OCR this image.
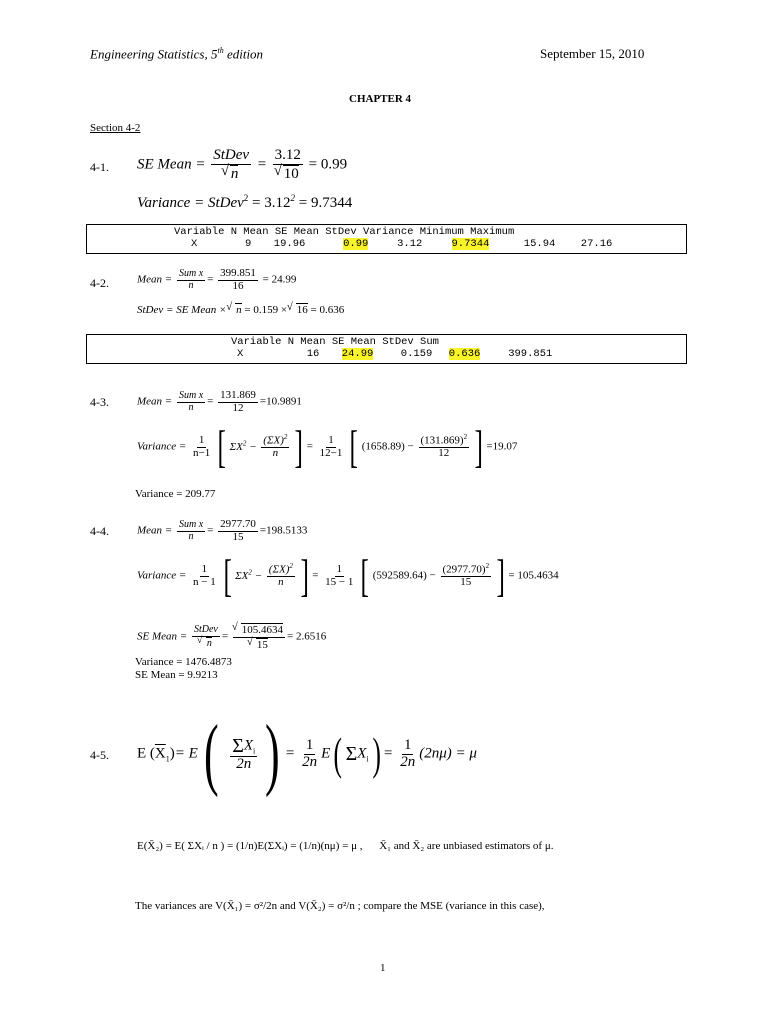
Engineering Statistics, 5th edition	September 15, 2010
CHAPTER 4
Section 4-2
4-1. SE Mean = StDev
√ n = 3.12
√ 10 = 0.99
Variance = StDev$^2$ = $3.12^2 = 9.7344$
Variable N Mean SE Mean StDev Variance Minimum Maximum
X	9 19.96	0.99	3.12	9.7344	15.94 27.16
4-2.	Mean = $\frac{\text{Sum x}}{n} = \frac{399.851}{16} = 24.99$
StDev = SE Mean × √ n = 0.159 × √ 16 = 0.636
Variable N Mean SE Mean StDev Sum
X	16 24.99	0.159 0.636	399.851
4-3.	Mean = $\frac{\text{Sum x}}{n} = \frac{131.869}{12} =10.9891$
Variance = $\frac{1}{n-1}$ [ $\Sigma X^2 - \frac{(\Sigma X)^2}{n}$ ] = $\frac{1}{12-1}$ [ $(1658.89) - \frac{(131.869)^2}{12}$ ] =19.07
Variance = 209.77
4-4.	Mean = $\frac{\text{Sum x}}{n} = \frac{2977.70}{15} =198.5133$
Variance = $\frac{1}{n - 1}$ [ $\Sigma X^2 - \frac{(\Sigma X)^2}{n}$ ] = $\frac{1}{15 - 1}$ [ $(592589.64) - \frac{(2977.70)^2}{15}$ ] = 105.4634
SE Mean = StDev
√ n = √ 105.4634
√ 15 = 2.6516
Variance = 1476.4873
SE Mean = 9.9213
4-5. E $(\overline{X}_1)= E( \frac{\Sigma X_i}{2n}$ ) = $\frac{1}{2n} E$( $\Sigma X_i) = \frac{1}{2n} (2n\mu) = \mu$
E(X̄₂) = E( ΣXᵢ / n ) = (1/n)E(ΣXᵢ) = (1/n)(nμ) = μ , X̄₁ and X̄₂ are unbiased estimators of μ.
The variances are V(X̄₁) = σ²/2n and V(X̄₂) = σ²/n ; compare the MSE (variance in this case),
1
